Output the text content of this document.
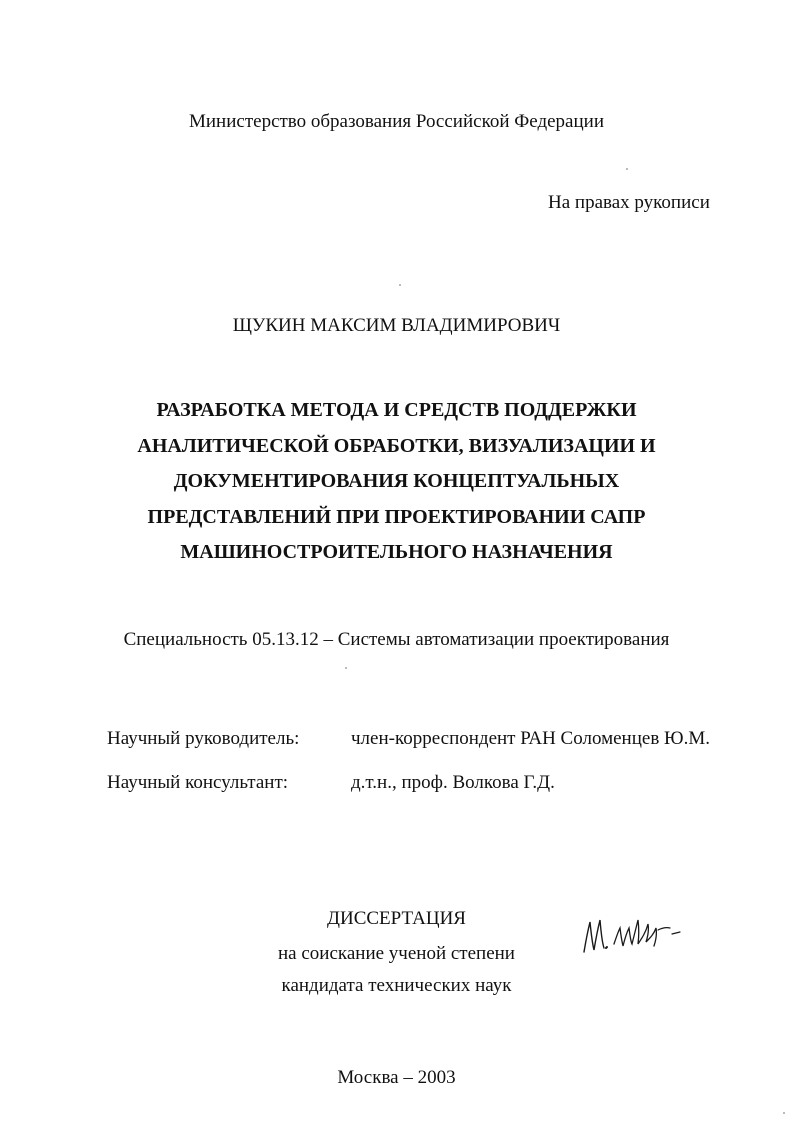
Министерство образования Российской Федерации
На правах рукописи
ЩУКИН МАКСИМ ВЛАДИМИРОВИЧ
РАЗРАБОТКА МЕТОДА И СРЕДСТВ ПОДДЕРЖКИ
АНАЛИТИЧЕСКОЙ ОБРАБОТКИ, ВИЗУАЛИЗАЦИИ И
ДОКУМЕНТИРОВАНИЯ КОНЦЕПТУАЛЬНЫХ
ПРЕДСТАВЛЕНИЙ ПРИ ПРОЕКТИРОВАНИИ САПР
МАШИНОСТРОИТЕЛЬНОГО НАЗНАЧЕНИЯ
Специальность 05.13.12 – Системы автоматизации проектирования
Научный руководитель:	член-корреспондент РАН Соломенцев Ю.М.
Научный консультант:	д.т.н., проф. Волкова Г.Д.
ДИССЕРТАЦИЯ
на соискание ученой степени
кандидата технических наук
Москва – 2003
